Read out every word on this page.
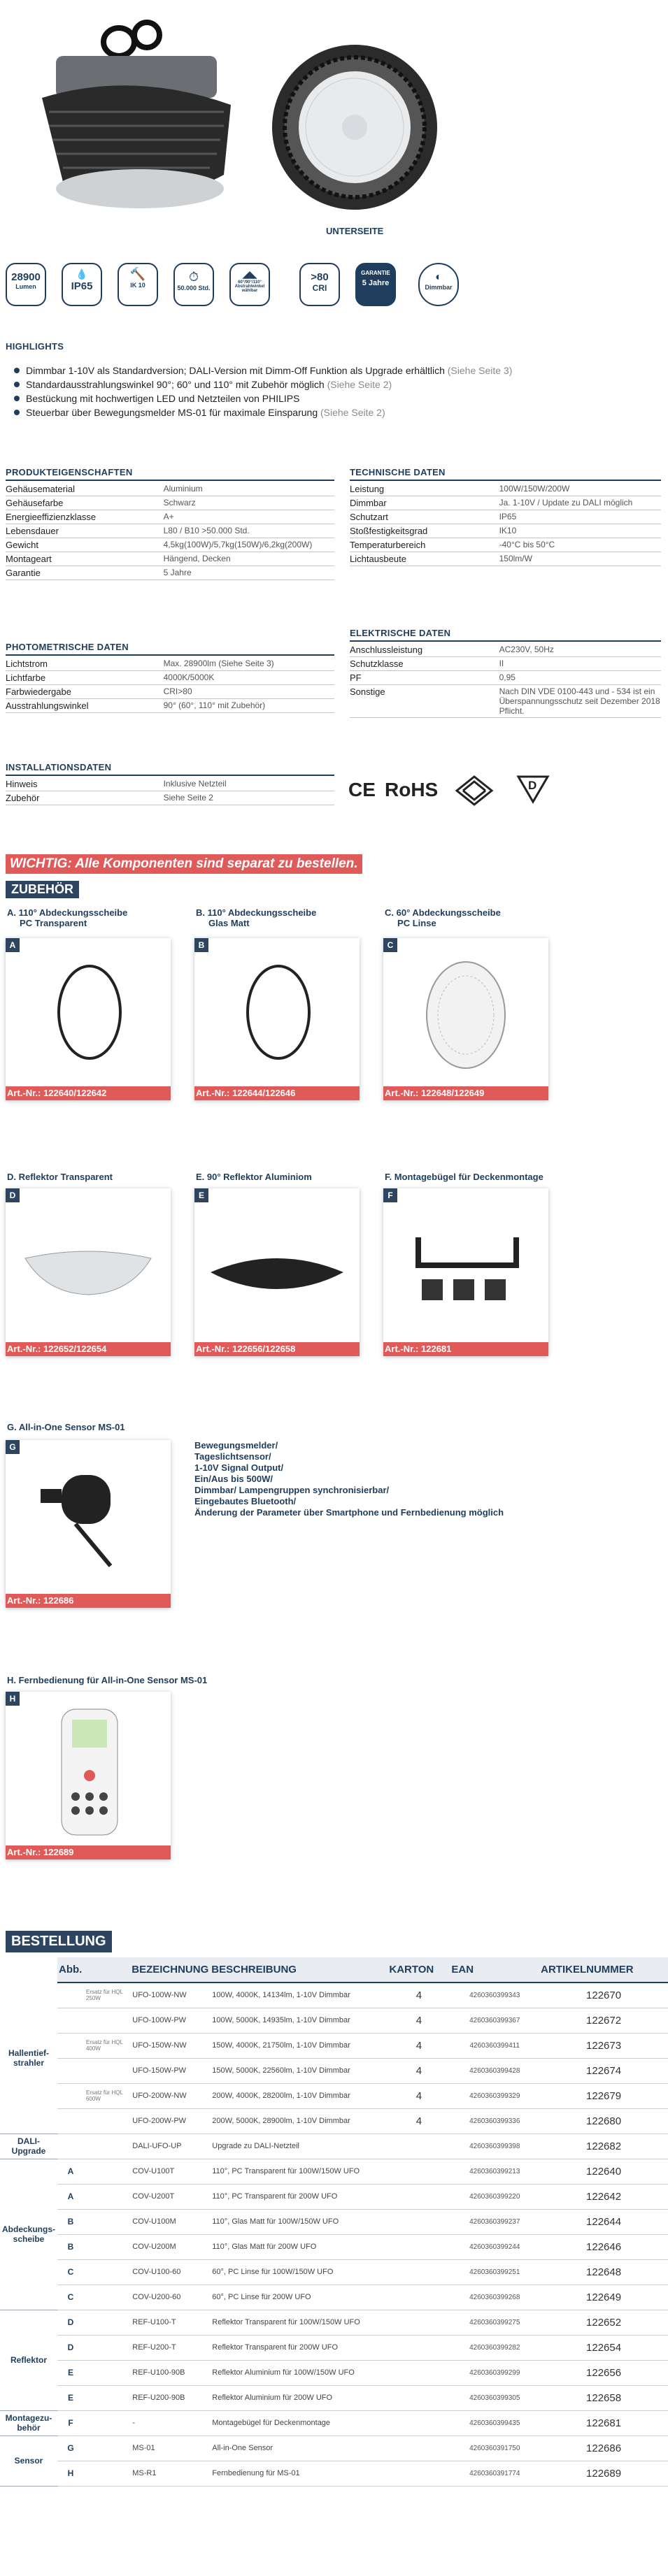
UNTERSEITE
28900
Lumen
💧
IP65
🔨
IK 10
⏱
50.000 Std.
◢◣
60°/90°/110° Abstrahlwinkel wählbar
>80
CRI
GARANTIE
5 Jahre	◐
Dimmbar
HIGHLIGHTS
Dimmbar 1-10V als Standardversion; DALI-Version mit Dimm-Off Funktion als Upgrade erhältlich (Siehe Seite 3)
Standardausstrahlungswinkel 90°; 60° und 110° mit Zubehör möglich (Siehe Seite 2)
Bestückung mit hochwertigen LED und Netzteilen von PHILIPS
Steuerbar über Bewegungsmelder MS-01 für maximale Einsparung (Siehe Seite 2)
PRODUKTEIGENSCHAFTEN
Gehäusematerial	Aluminium
Gehäusefarbe	Schwarz
Energieeffizienzklasse	A+
Lebensdauer	L80 / B10 >50.000 Std.
Gewicht	4,5kg(100W)/5,7kg(150W)/6,2kg(200W)
Montageart	Hängend, Decken
Garantie	5 Jahre
TECHNISCHE DATEN
Leistung	100W/150W/200W
Dimmbar	Ja. 1-10V / Update zu DALI möglich
Schutzart	IP65
Stoßfestigkeitsgrad	IK10
Temperaturbereich	-40°C bis 50°C
Lichtausbeute	150lm/W
PHOTOMETRISCHE DATEN
Lichtstrom	Max. 28900lm (Siehe Seite 3)
Lichtfarbe	4000K/5000K
Farbwiedergabe	CRI>80
Ausstrahlungswinkel	90° (60°, 110° mit Zubehör)
ELEKTRISCHE DATEN
Anschlussleistung	AC230V, 50Hz
Schutzklasse	II
PF	0,95
Sonstige	Nach DIN VDE 0100-443 und - 534 ist ein Überspannungsschutz seit Dezember 2018 Pflicht.
INSTALLATIONSDATEN
Hinweis	Inklusive Netzteil
Zubehör	Siehe Seite 2	CE RoHS	D
WICHTIG: Alle Komponenten sind separat zu bestellen.
ZUBEHÖR
A. 110° Abdeckungsscheibe
PC Transparent
A
Art.-Nr.: 122640/122642
B. 110° Abdeckungsscheibe
Glas Matt
B
Art.-Nr.: 122644/122646
C. 60° Abdeckungsscheibe
PC Linse
C
Art.-Nr.: 122648/122649
D. Reflektor Transparent
D
Art.-Nr.: 122652/122654
E. 90° Reflektor Aluminiom
E
Art.-Nr.: 122656/122658
F. Montagebügel für Deckenmontage
F
Art.-Nr.: 122681
G. All-in-One Sensor MS-01
G
Art.-Nr.: 122686
Bewegungsmelder/
Tageslichtsensor/
1-10V Signal Output/
Ein/Aus bis 500W/
Dimmbar/ Lampengruppen synchronisierbar/
Eingebautes Bluetooth/
Änderung der Parameter über Smartphone und Fernbedienung möglich
H. Fernbedienung für All-in-One Sensor MS-01
H
Art.-Nr.: 122689
BESTELLUNG
	Abb.		BEZEICHNUNG	BESCHREIBUNG	KARTON	EAN	ARTIKELNUMMER
Hallentief-
strahler		Ersatz für HQL 250W	UFO-100W-NW	100W, 4000K, 14134lm, 1-10V Dimmbar	4	4260360399343	122670
			UFO-100W-PW	100W, 5000K, 14935lm, 1-10V Dimmbar	4	4260360399367	122672
		Ersatz für HQL 400W	UFO-150W-NW	150W, 4000K, 21750lm, 1-10V Dimmbar	4	4260360399411	122673
			UFO-150W-PW	150W, 5000K, 22560lm, 1-10V Dimmbar	4	4260360399428	122674
		Ersatz für HQL 600W	UFO-200W-NW	200W, 4000K, 28200lm, 1-10V Dimmbar	4	4260360399329	122679
			UFO-200W-PW	200W, 5000K, 28900lm, 1-10V Dimmbar	4	4260360399336	122680
DALI-
Upgrade			DALI-UFO-UP	Upgrade zu DALI-Netzteil		4260360399398	122682
Abdeckungs-
scheibe	A		COV-U100T	110°, PC Transparent für 100W/150W UFO		4260360399213	122640
	A		COV-U200T	110°, PC Transparent für 200W UFO		4260360399220	122642
	B		COV-U100M	110°, Glas Matt für 100W/150W UFO		4260360399237	122644
	B		COV-U200M	110°, Glas Matt für 200W UFO		4260360399244	122646
	C		COV-U100-60	60°, PC Linse für 100W/150W UFO		4260360399251	122648
	C		COV-U200-60	60°, PC Linse für 200W UFO		4260360399268	122649
Reflektor	D		REF-U100-T	Reflektor Transparent für 100W/150W UFO		4260360399275	122652
	D		REF-U200-T	Reflektor Transparent für 200W UFO		4260360399282	122654
	E		REF-U100-90B	Reflektor Aluminium für 100W/150W UFO		4260360399299	122656
	E		REF-U200-90B	Reflektor Aluminium für 200W UFO		4260360399305	122658
Montagezu-
behör	F		-	Montagebügel für Deckenmontage		4260360399435	122681
Sensor	G		MS-01	All-in-One Sensor		4260360391750	122686
	H		MS-R1	Fernbedienung für MS-01		4260360391774	122689
